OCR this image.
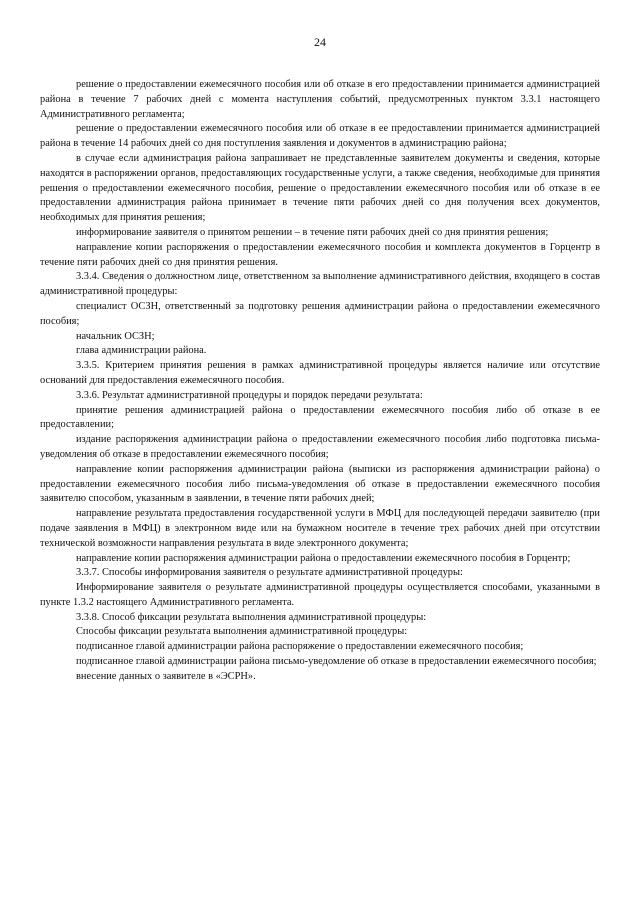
24

решение о предоставлении ежемесячного пособия или об отказе в его предоставлении принимается администрацией района в течение 7 рабочих дней с момента наступления событий, предусмотренных пунктом 3.3.1 настоящего Административного регламента;

решение о предоставлении ежемесячного пособия или об отказе в ее предоставлении принимается администрацией района в течение 14 рабочих дней со дня поступления заявления и документов в администрацию района;

в случае если администрация района запрашивает не представленные заявителем документы и сведения, которые находятся в распоряжении органов, предоставляющих государственные услуги, а также сведения, необходимые для принятия решения о предоставлении ежемесячного пособия, решение о предоставлении ежемесячного пособия или об отказе в ее предоставлении администрация района принимает в течение пяти рабочих дней со дня получения всех документов, необходимых для принятия решения;

информирование заявителя о принятом решении – в течение пяти рабочих дней со дня принятия решения;

направление копии распоряжения о предоставлении ежемесячного пособия и комплекта документов в Горцентр в течение пяти рабочих дней со дня принятия решения.

3.3.4. Сведения о должностном лице, ответственном за выполнение административного действия, входящего в состав административной процедуры:

специалист ОСЗН, ответственный за подготовку решения администрации района о предоставлении ежемесячного пособия;

начальник ОСЗН;

глава администрации района.

3.3.5. Критерием принятия решения в рамках административной процедуры является наличие или отсутствие оснований для предоставления ежемесячного пособия.

3.3.6. Результат административной процедуры и порядок передачи результата:

принятие решения администрацией района о предоставлении ежемесячного пособия либо об отказе в ее предоставлении;

издание распоряжения администрации района о предоставлении ежемесячного пособия либо подготовка письма-уведомления об отказе в предоставлении ежемесячного пособия;

направление копии распоряжения администрации района (выписки из распоряжения администрации района) о предоставлении ежемесячного пособия либо письма-уведомления об отказе в предоставлении ежемесячного пособия заявителю способом, указанным в заявлении, в течение пяти рабочих дней;

направление результата предоставления государственной услуги в МФЦ для последующей передачи заявителю (при подаче заявления в МФЦ) в электронном виде или на бумажном носителе в течение трех рабочих дней при отсутствии технической возможности направления результата в виде электронного документа;

направление копии распоряжения администрации района о предоставлении ежемесячного пособия в Горцентр;

3.3.7. Способы информирования заявителя о результате административной процедуры:

Информирование заявителя о результате административной процедуры осуществляется способами, указанными в пункте 1.3.2 настоящего Административного регламента.

3.3.8. Способ фиксации результата выполнения административной процедуры:

Способы фиксации результата выполнения административной процедуры:

подписанное главой администрации района распоряжение о предоставлении ежемесячного пособия;

подписанное главой администрации района письмо-уведомление об отказе в предоставлении ежемесячного пособия;

внесение данных о заявителе в «ЭСРН».
